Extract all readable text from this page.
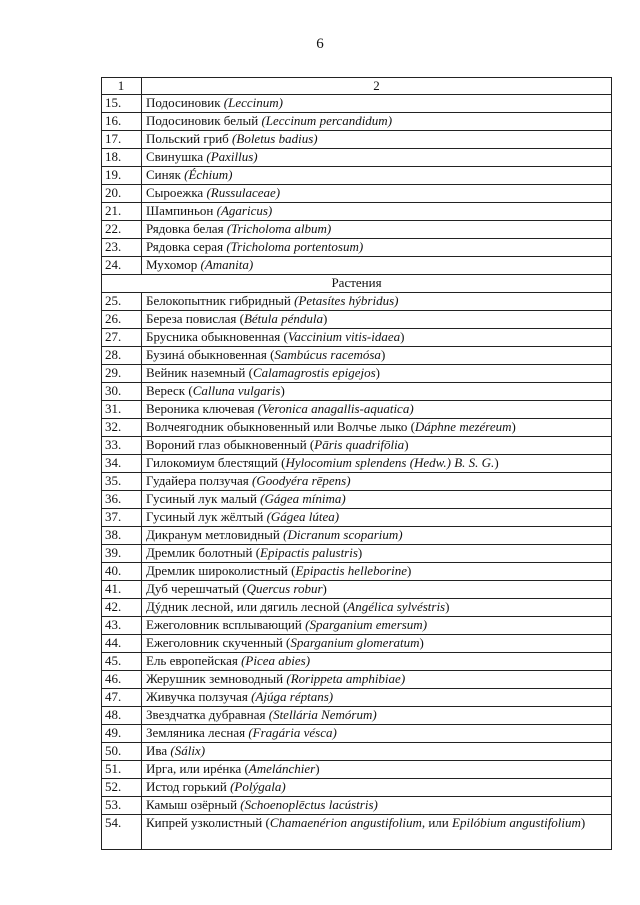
6
1	2
15.	Подосиновик (Leccinum)
16.	Подосиновик белый (Leccinum percandidum)
17.	Польский гриб (Boletus badius)
18.	Свинушка (Paxillus)
19.	Синяк (Échium)
20.	Сыроежка (Russulaceae)
21.	Шампиньон (Agaricus)
22.	Рядовка белая (Tricholoma album)
23.	Рядовка серая (Tricholoma portentosum)
24.	Мухомор (Amanita)
Растения	
25.	Белокопытник гибридный (Petasítes hýbridus)
26.	Береза повислая (Bétula péndula)
27.	Брусника обыкновенная (Vaccinium vitis-idaea)
28.	Бузинá обыкновенная (Sambúcus racemósa)
29.	Вейник наземный (Calamagrostis epigejos)
30.	Вереск (Calluna vulgaris)
31.	Вероника ключевая (Veronica anagallis-aquatica)
32.	Волчеягодник обыкновенный или Волчье лыко (Dáphne mezéreum)
33.	Вороний глаз обыкновенный (Pāris quadrifōlia)
34.	Гилокомиум блестящий (Hylocomium splendens (Hedw.) B. S. G.)
35.	Гудайера ползучая (Goodyéra rēpens)
36.	Гусиный лук малый (Gágea mínima)
37.	Гусиный лук жёлтый (Gágea lútea)
38.	Дикранум метловидный (Dicranum scoparium)
39.	Дремлик болотный (Epipactis palustris)
40.	Дремлик широколистный (Epipactis helleborine)
41.	Дуб черешчатый (Quercus robur)
42.	Дýдник лесной, или дягиль лесной (Angélica sylvéstris)
43.	Ежеголовник всплывающий (Sparganium emersum)
44.	Ежеголовник скученный (Sparganium glomeratum)
45.	Ель европейская (Picea abies)
46.	Жерушник земноводный (Rorippeta amphibiae)
47.	Живучка ползучая (Ajúga réptans)
48.	Звездчатка дубравная (Stellária Nemórum)
49.	Земляника лесная (Fragária vésca)
50.	Ива (Sálix)
51.	Ирга, или ирéнка (Amelánchier)
52.	Истод горький (Polýgala)
53.	Камыш озёрный (Schoenoplēctus lacústris)
54.	Кипрей узколистный (Chamaenérion angustifolium, или Epilóbium angustifolium)
